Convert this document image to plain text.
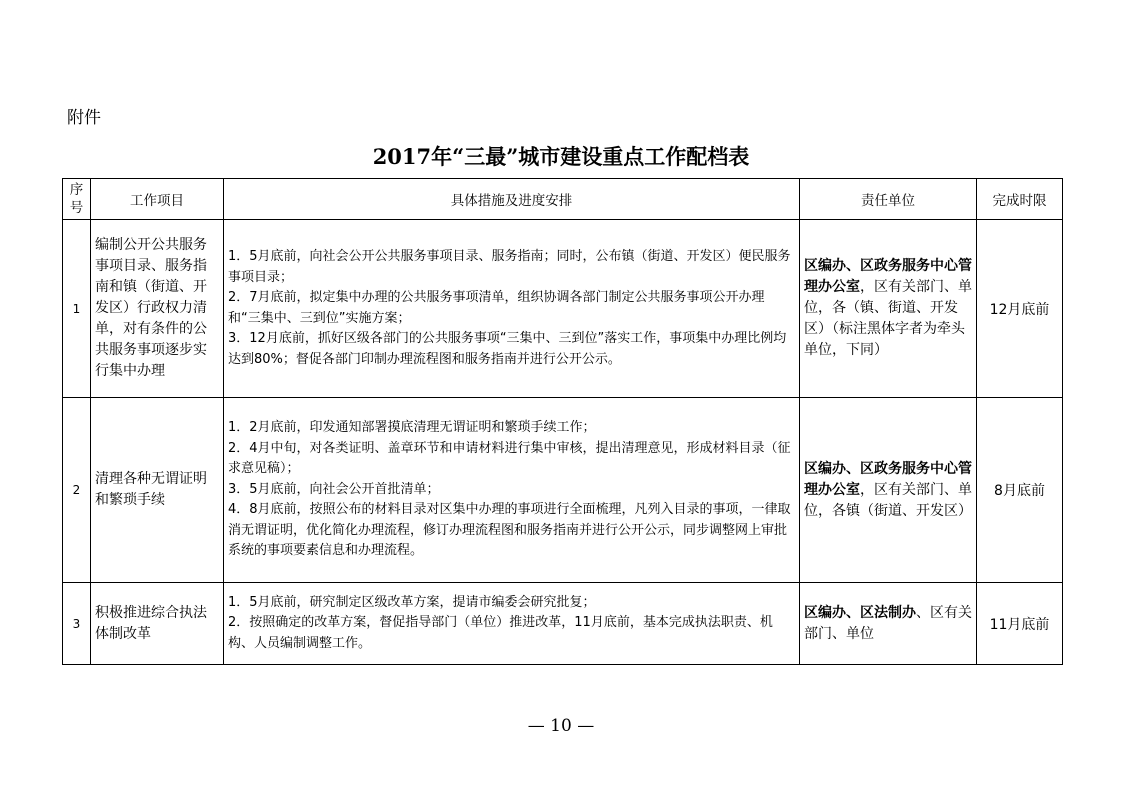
附件
2017年“三最”城市建设重点工作配档表
序
号	工作项目	具体措施及进度安排	责任单位	完成时限
1	编制公开公共服务事项目录、服务指南和镇（街道、开发区）行政权力清单，对有条件的公共服务事项逐步实行集中办理	1．5月底前，向社会公开公共服务事项目录、服务指南；同时，公布镇（街道、开发区）便民服务事项目录；
2．7月底前，拟定集中办理的公共服务事项清单，组织协调各部门制定公共服务事项公开办理和“三集中、三到位”实施方案；
3．12月底前，抓好区级各部门的公共服务事项“三集中、三到位”落实工作，事项集中办理比例均达到80%；督促各部门印制办理流程图和服务指南并进行公开公示。	区编办、区政务服务中心管理办公室，区有关部门、单位，各（镇、街道、开发区）（标注黑体字者为牵头单位，下同）	12月底前
2	清理各种无谓证明和繁琐手续	1．2月底前，印发通知部署摸底清理无谓证明和繁琐手续工作；
2．4月中旬，对各类证明、盖章环节和申请材料进行集中审核，提出清理意见，形成材料目录（征求意见稿）；
3．5月底前，向社会公开首批清单；
4．8月底前，按照公布的材料目录对区集中办理的事项进行全面梳理，凡列入目录的事项，一律取消无谓证明，优化简化办理流程，修订办理流程图和服务指南并进行公开公示，同步调整网上审批系统的事项要素信息和办理流程。	区编办、区政务服务中心管理办公室，区有关部门、单位，各镇（街道、开发区）	8月底前
3	积极推进综合执法体制改革	1．5月底前，研究制定区级改革方案，提请市编委会研究批复；
2．按照确定的改革方案，督促指导部门（单位）推进改革，11月底前，基本完成执法职责、机构、人员编制调整工作。	区编办、区法制办、区有关部门、单位	11月底前
— 10 —
